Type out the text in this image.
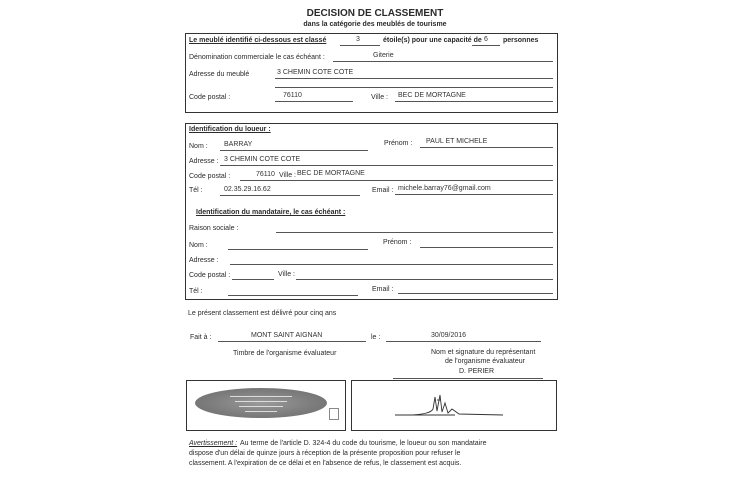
DECISION DE CLASSEMENT
dans la catégorie des meublés de tourisme
Le meublé identifié ci-dessous est classé	3	étoile(s) pour une capacité de 6 personnes
Dénomination commerciale le cas échéant :	Giterie
Adresse du meublé	3 CHEMIN COTE COTE
Code postal :	76110	Ville : BEC DE MORTAGNE
Identification du loueur :
Nom : BARRAY	Prénom : PAUL ET MICHELE
Adresse : 3 CHEMIN COTE COTE
Code postal :	76110 Ville : BEC DE MORTAGNE
Tél :	02.35.29.16.62	Email : michele.barray76@gmail.com
Identification du mandataire, le cas échéant :
Raison sociale :
Nom :	Prénom :
Adresse :
Code postal :	Ville :
Tél :	Email :
Le présent classement est délivré pour cinq ans
Fait à :	MONT SAINT AIGNAN	le :	30/09/2016
Timbre de l'organisme évaluateur	Nom et signature du représentant
de l'organisme évaluateur
D. PERIER
Avertissement : Au terme de l'article D. 324-4 du code du tourisme, le loueur ou son mandataire
dispose d'un délai de quinze jours à réception de la présente proposition pour refuser le
classement. A l'expiration de ce délai et en l'absence de refus, le classement est acquis.
